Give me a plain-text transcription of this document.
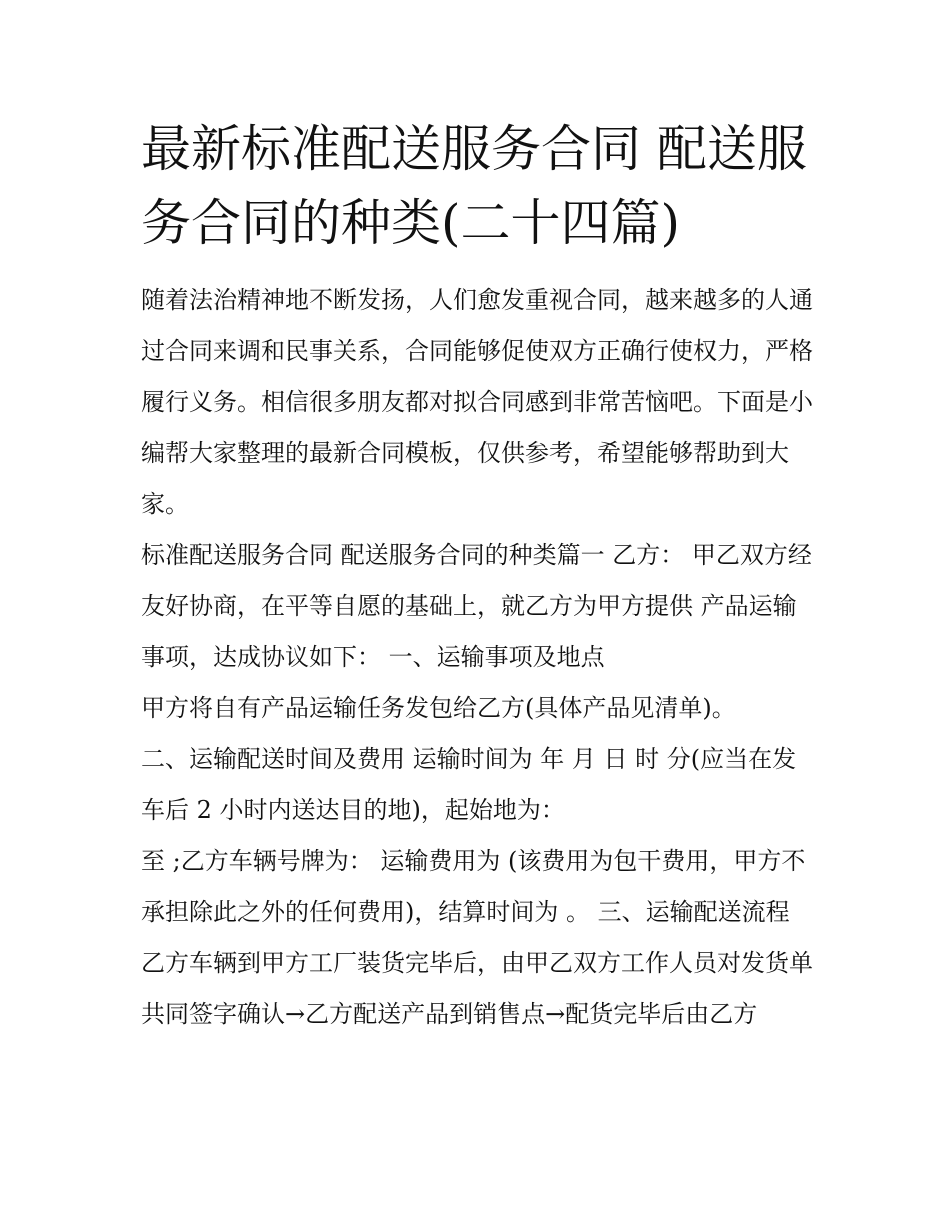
最新标准配送服务合同 配送服务合同的种类(二十四篇)

随着法治精神地不断发扬，人们愈发重视合同，越来越多的人通过合同来调和民事关系，合同能够促使双方正确行使权力，严格履行义务。相信很多朋友都对拟合同感到非常苦恼吧。下面是小编帮大家整理的最新合同模板，仅供参考，希望能够帮助到大家。

标准配送服务合同 配送服务合同的种类篇一 乙方： 甲乙双方经友好协商，在平等自愿的基础上，就乙方为甲方提供 产品运输事项，达成协议如下： 一、运输事项及地点

甲方将自有产品运输任务发包给乙方(具体产品见清单)。

二、运输配送时间及费用 运输时间为 年 月 日 时 分(应当在发车后 2 小时内送达目的地)，起始地为：

至 ;乙方车辆号牌为： 运输费用为 (该费用为包干费用，甲方不承担除此之外的任何费用)，结算时间为 。 三、运输配送流程

乙方车辆到甲方工厂装货完毕后，由甲乙双方工作人员对发货单共同签字确认→乙方配送产品到销售点→配货完毕后由乙方
